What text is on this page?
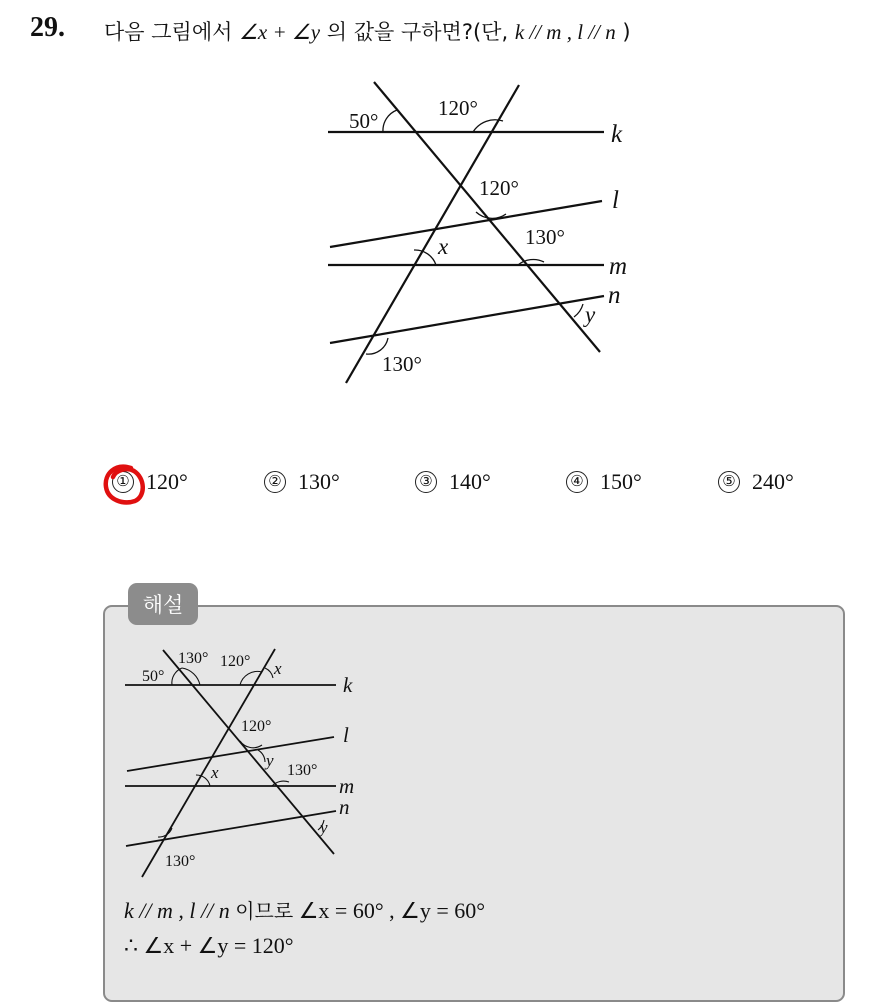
29. 다음 그림에서 ∠x + ∠y 의 값을 구하면?(단, k // m , l // n )
k
l
m
n
50°
120°
120°
x	130°
y
130°
① 120°	② 130°	③ 140°	④ 150°	⑤ 240°
해설
k
l
m
n
50°
130° 120° x
120°
y
130°
x
y
130°
k // m , l // n 이므로 ∠x = 60° , ∠y = 60°
∴ ∠x + ∠y = 120°
